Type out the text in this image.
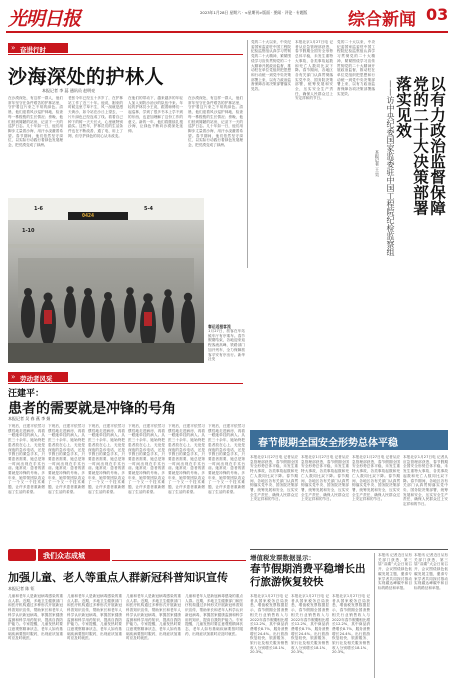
光明日报	2023年1月28日 星期六 · <星期刊>版面 · 要闻 · 评论 · 专题版 综合新闻 03
» 奋进行时
沙海深处的护林人
本报记者 李 蕊 通讯员 赵明亮
在沙漠深处，有这样一群人，他们常年坚守在条件艰苦的护林站里，守护着这片来之不易的绿色。清晨，他们迎着风沙巡护林地，检查每一株梭梭的生长情况；傍晚，他们回到简陋的站房，记录下一天的巡护日志。几十年如一日，他们用脚步丈量着沙海，用汗水浇灌着希望。春节期间，他们依然坚守岗位，以实际行动践行着绿色发展理念，把荒漠变成了绿洲。
老张今年已经五十多岁了，在护林站工作了近三十年。他说，刚来的时候这里寸草不生，风一刮就是漫天黄沙，如今站在沙丘上望去，一片片绿色已经连成了线。看着自己种下的树一天天长大，心里就特别踏实。这些年，护林员们的生活条件也在不断改善，通了电、用上了网，但守护绿色的初心从未改变。
在他们的带动下，越来越多的年轻人加入到防沙治沙的队伍中来。年轻的护林员小王说，跟着师傅们一起巡林，学到了很多书本上学不到的东西，也更加理解了这份工作的意义。新的一年，他们将继续扎根沙海，让绿色不断向沙漠深处延伸。
在沙漠深处，有这样一群人，他们常年坚守在条件艰苦的护林站里，守护着这片来之不易的绿色。清晨，他们迎着风沙巡护林地，检查每一株梭梭的生长情况；傍晚，他们回到简陋的站房，记录下一天的巡护日志。几十年如一日，他们用脚步丈量着沙海，用汗水浇灌着希望。春节期间，他们依然坚守岗位，以实际行动践行着绿色发展理念，把荒漠变成了绿洲。
1-6
0424
5-4
1-10
春运返程客流
1月27日，旅客在车站候车厅有序乘车。春节假期结束，各地迎来返程客流高峰，铁路部门加开列车，全力保障旅客平安有序出行。新华社发
党的二十大以来，中央纪委国家监委驻中国工程院纪检监察组认真学习贯彻党的二十大精神，紧紧围绕学习宣传贯彻党的二十大精神开展政治监督，推动驻在单位党组织把思想和行动统一到党中央决策部署上来，以有力政治监督保障各项决策部署落实见效。
本报北京1月27日电 记者从应急管理部获悉，春节假期全国安全形势总体平稳，未发生重特大事故，各类事故起数和死亡人数同比双下降。春节期间，各地区各有关部门认真贯彻落实党中央、国务院决策部署，统筹发展和安全，压实安全生产责任，确保人民群众过上安定祥和的节日。	以有力政治监督保障党的二十大决策部署落实见效
——访中央纪委国家监委驻中国工程院纪检监察组
本报记者 王 昊
党的二十大以来，中央纪委国家监委驻中国工程院纪检监察组认真学习贯彻党的二十大精神，紧紧围绕学习宣传贯彻党的二十大精神开展政治监督，推动驻在单位党组织把思想和行动统一到党中央决策部署上来，以有力政治监督保障各项决策部署落实见效。
» 劳动者风采
汪建平：
患者的需要就是冲锋的号角
本报记者 吴 春 燕 李 娟
下班后，汪建平依然习惯性地走进病房，再看一眼她牵挂的病人。从医三十余年，她始终把患者放在心上，无论是深夜的急诊电话，还是节假日的紧急手术，只要患者需要，她总是第一时间出现在手术台前。她常说：患者的需要就是冲锋的号角。多年来，她带领团队攻克了一个又一个技术难题，让许多患者重新燃起了生活的希望。
下班后，汪建平依然习惯性地走进病房，再看一眼她牵挂的病人。从医三十余年，她始终把患者放在心上，无论是深夜的急诊电话，还是节假日的紧急手术，只要患者需要，她总是第一时间出现在手术台前。她常说：患者的需要就是冲锋的号角。多年来，她带领团队攻克了一个又一个技术难题，让许多患者重新燃起了生活的希望。
下班后，汪建平依然习惯性地走进病房，再看一眼她牵挂的病人。从医三十余年，她始终把患者放在心上，无论是深夜的急诊电话，还是节假日的紧急手术，只要患者需要，她总是第一时间出现在手术台前。她常说：患者的需要就是冲锋的号角。多年来，她带领团队攻克了一个又一个技术难题，让许多患者重新燃起了生活的希望。
下班后，汪建平依然习惯性地走进病房，再看一眼她牵挂的病人。从医三十余年，她始终把患者放在心上，无论是深夜的急诊电话，还是节假日的紧急手术，只要患者需要，她总是第一时间出现在手术台前。她常说：患者的需要就是冲锋的号角。多年来，她带领团队攻克了一个又一个技术难题，让许多患者重新燃起了生活的希望。
下班后，汪建平依然习惯性地走进病房，再看一眼她牵挂的病人。从医三十余年，她始终把患者放在心上，无论是深夜的急诊电话，还是节假日的紧急手术，只要患者需要，她总是第一时间出现在手术台前。她常说：患者的需要就是冲锋的号角。多年来，她带领团队攻克了一个又一个技术难题，让许多患者重新燃起了生活的希望。
下班后，汪建平依然习惯性地走进病房，再看一眼她牵挂的病人。从医三十余年，她始终把患者放在心上，无论是深夜的急诊电话，还是节假日的紧急手术，只要患者需要，她总是第一时间出现在手术台前。她常说：患者的需要就是冲锋的号角。多年来，她带领团队攻克了一个又一个技术难题，让许多患者重新燃起了生活的希望。
春节假期全国安全形势总体平稳
本报北京1月27日电 记者从应急管理部获悉，春节假期全国安全形势总体平稳，未发生重特大事故，各类事故起数和死亡人数同比双下降。春节期间，各地区各有关部门认真贯彻落实党中央、国务院决策部署，统筹发展和安全，压实安全生产责任，确保人民群众过上安定祥和的节日。
本报北京1月27日电 记者从应急管理部获悉，春节假期全国安全形势总体平稳，未发生重特大事故，各类事故起数和死亡人数同比双下降。春节期间，各地区各有关部门认真贯彻落实党中央、国务院决策部署，统筹发展和安全，压实安全生产责任，确保人民群众过上安定祥和的节日。
本报北京1月27日电 记者从应急管理部获悉，春节假期全国安全形势总体平稳，未发生重特大事故，各类事故起数和死亡人数同比双下降。春节期间，各地区各有关部门认真贯彻落实党中央、国务院决策部署，统筹发展和安全，压实安全生产责任，确保人民群众过上安定祥和的节日。
本报北京1月27日电 记者从应急管理部获悉，春节假期全国安全形势总体平稳，未发生重特大事故，各类事故起数和死亡人数同比双下降。春节期间，各地区各有关部门认真贯彻落实党中央、国务院决策部署，统筹发展和安全，压实安全生产责任，确保人民群众过上安定祥和的节日。
我们众志成城
加强儿童、老人等重点人群新冠科普知识宣传
本报记者 陈 钜
儿童和老年人是新冠病毒感染的重点人群。近期，多地卫生健康部门和医疗机构通过多种形式开展新冠科普知识宣传，帮助家长和老年人科学认识新冠病毒，掌握居家健康监测和科学用药知识，提高自我防护能力。专家提醒，儿童发热时要注意观察精神状态，老年人如有基础疾病要按时服药，出现症状加重时应及时就医。
儿童和老年人是新冠病毒感染的重点人群。近期，多地卫生健康部门和医疗机构通过多种形式开展新冠科普知识宣传，帮助家长和老年人科学认识新冠病毒，掌握居家健康监测和科学用药知识，提高自我防护能力。专家提醒，儿童发热时要注意观察精神状态，老年人如有基础疾病要按时服药，出现症状加重时应及时就医。
儿童和老年人是新冠病毒感染的重点人群。近期，多地卫生健康部门和医疗机构通过多种形式开展新冠科普知识宣传，帮助家长和老年人科学认识新冠病毒，掌握居家健康监测和科学用药知识，提高自我防护能力。专家提醒，儿童发热时要注意观察精神状态，老年人如有基础疾病要按时服药，出现症状加重时应及时就医。
儿童和老年人是新冠病毒感染的重点人群。近期，多地卫生健康部门和医疗机构通过多种形式开展新冠科普知识宣传，帮助家长和老年人科学认识新冠病毒，掌握居家健康监测和科学用药知识，提高自我防护能力。专家提醒，儿童发热时要注意观察精神状态，老年人如有基础疾病要按时服药，出现症状加重时应及时就医。
增值税发票数据显示：
春节假期消费平稳增长出行旅游恢复较快
本报北京1月27日电 记者从国家税务总局获悉，增值税发票数据显示，春节假期全国消费相关行业销售收入与2022年春节假期相比增长12.2%，其中商品消费增长8.7%，服务消费增长24.4%。出行旅游恢复较快，旅游服务、旅行社及相关服务销售收入分别增长18.1%、20.3%。
本报北京1月27日电 记者从国家税务总局获悉，增值税发票数据显示，春节假期全国消费相关行业销售收入与2022年春节假期相比增长12.2%，其中商品消费增长8.7%，服务消费增长24.4%。出行旅游恢复较快，旅游服务、旅行社及相关服务销售收入分别增长18.1%、20.3%。
本报北京1月27日电 记者从国家税务总局获悉，增值税发票数据显示，春节假期全国消费相关行业销售收入与2022年春节假期相比增长12.2%，其中商品消费增长8.7%，服务消费增长24.4%。出行旅游恢复较快，旅游服务、旅行社及相关服务销售收入分别增长18.1%、20.3%。
本报讯 记者近日从有关部门获悉，第三届“双碳”大会日前召开，会议围绕绿色低碳发展主题，邀请专家学者共同探讨推动实现碳达峰碳中和目标的路径和举措。
本报讯 记者近日从有关部门获悉，第三届“双碳”大会日前召开，会议围绕绿色低碳发展主题，邀请专家学者共同探讨推动实现碳达峰碳中和目标的路径和举措。
